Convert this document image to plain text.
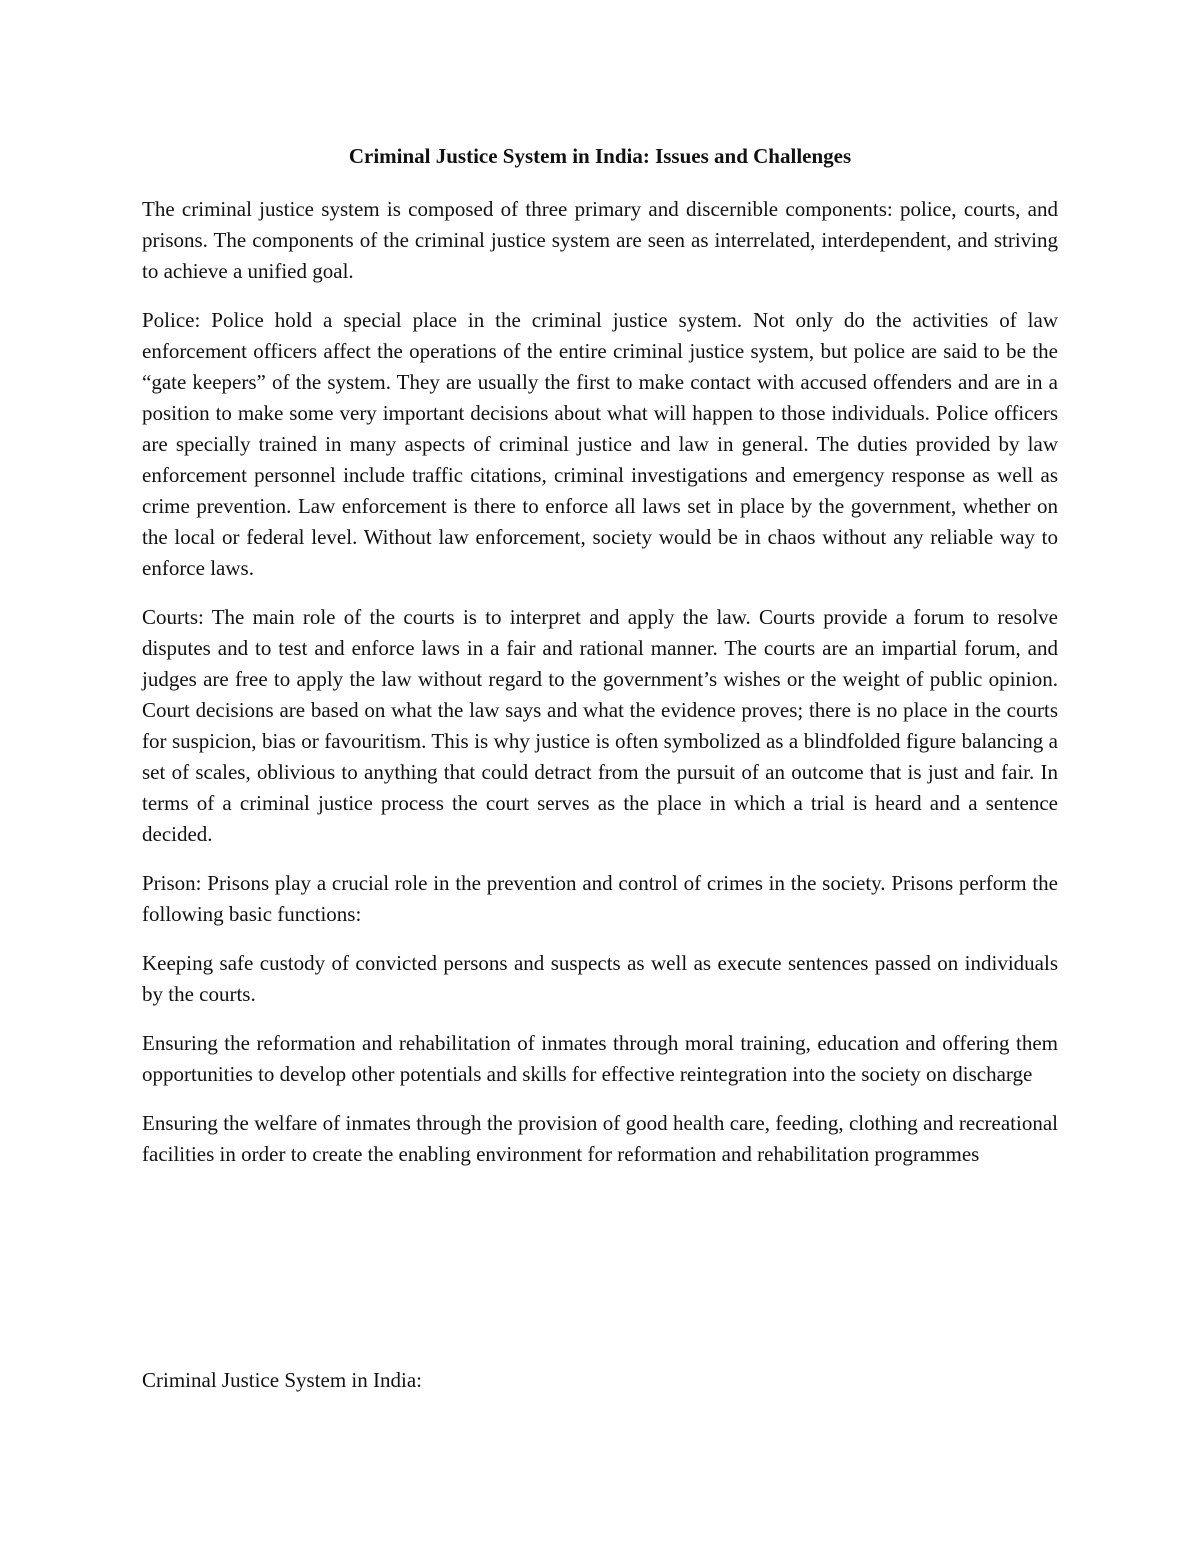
Criminal Justice System in India: Issues and Challenges

The criminal justice system is composed of three primary and discernible components: police, courts, and prisons. The components of the criminal justice system are seen as interrelated, interdependent, and striving to achieve a unified goal.

Police: Police hold a special place in the criminal justice system. Not only do the activities of law enforcement officers affect the operations of the entire criminal justice system, but police are said to be the “gate keepers” of the system. They are usually the first to make contact with accused offenders and are in a position to make some very important decisions about what will happen to those individuals. Police officers are specially trained in many aspects of criminal justice and law in general. The duties provided by law enforcement personnel include traffic citations, criminal investigations and emergency response as well as crime prevention. Law enforcement is there to enforce all laws set in place by the government, whether on the local or federal level. Without law enforcement, society would be in chaos without any reliable way to enforce laws.

Courts: The main role of the courts is to interpret and apply the law. Courts provide a forum to resolve disputes and to test and enforce laws in a fair and rational manner. The courts are an impartial forum, and judges are free to apply the law without regard to the government’s wishes or the weight of public opinion. Court decisions are based on what the law says and what the evidence proves; there is no place in the courts for suspicion, bias or favouritism. This is why justice is often symbolized as a blindfolded figure balancing a set of scales, oblivious to anything that could detract from the pursuit of an outcome that is just and fair. In terms of a criminal justice process the court serves as the place in which a trial is heard and a sentence decided.

Prison: Prisons play a crucial role in the prevention and control of crimes in the society. Prisons perform the following basic functions:

Keeping safe custody of convicted persons and suspects as well as execute sentences passed on individuals by the courts.

Ensuring the reformation and rehabilitation of inmates through moral training, education and offering them opportunities to develop other potentials and skills for effective reintegration into the society on discharge

Ensuring the welfare of inmates through the provision of good health care, feeding, clothing and recreational facilities in order to create the enabling environment for reformation and rehabilitation programmes

Criminal Justice System in India:
